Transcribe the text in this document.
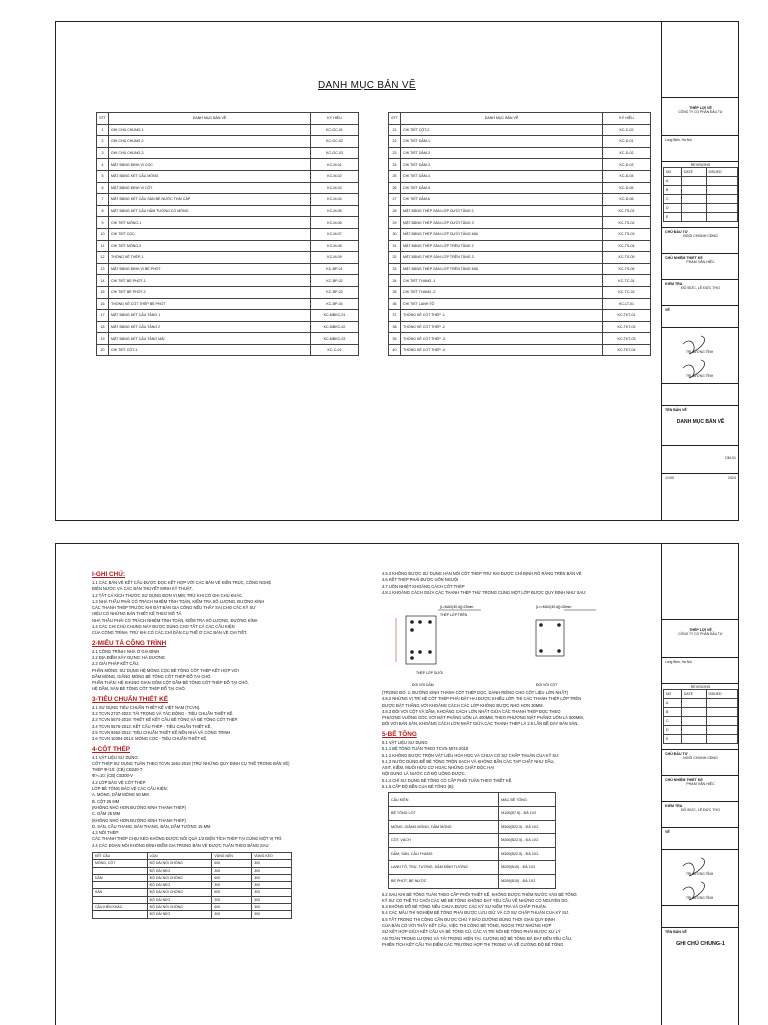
DANH MỤC BẢN VẼ
STT	DANH MỤC BẢN VẼ	KÝ HIỆU
1	GHI CHÚ CHUNG-1	KC-GC-01
2	GHI CHÚ CHUNG-2	KC-GC-02
3	GHI CHÚ CHUNG-3	KC-GC-03
4	MẶT BẰNG ĐỊNH VỊ CỌC	KC-M-01
5	MẶT BẰNG KẾT CẤU MÓNG	KC-M-02
6	MẶT BẰNG ĐỊNH VỊ CỘT	KC-M-03
7	MẶT BẰNG KẾT CẤU SÀN BỂ NƯỚC THẢI CẤP	KC-M-04
8	MẶT BẰNG KẾT CẤU HẦM TƯỜNG CỔ MÓNG	KC-M-05
9	CHI TIẾT MÓNG-1	KC-M-06
10	CHI TIẾT CỌC	KC-M-07
11	CHI TIẾT MÓNG-2	KC-M-08
12	THỐNG KÊ THÉP-1	KC-M-09
13	MẶT BẰNG ĐỊNH VỊ BỂ PHỐT	KC-BP-01
14	CHI TIẾT BỂ PHỐT-1	KC-BP-02
15	CHI TIẾT BỂ PHỐT-2	KC-BP-03
16	THỐNG KÊ CỐT THÉP BỂ PHỐT	KC-BP-04
17	MẶT BẰNG KẾT CẤU TẦNG 1	KC-MBKC-01
18	MẶT BẰNG KẾT CẤU TẦNG 2	KC-MBKC-02
19	MẶT BẰNG KẾT CẤU TẦNG MÁI	KC-MBKC-03
20	CHI TIẾT CỘT-1	KC-C-01
STT	DANH MỤC BẢN VẼ	KÝ HIỆU
21	CHI TIẾT CỘT-2	KC-C-02
22	CHI TIẾT DẦM-1	KC-D-01
23	CHI TIẾT DẦM-2	KC-D-02
24	CHI TIẾT DẦM-3	KC-D-03
25	CHI TIẾT DẦM-4	KC-D-04
26	CHI TIẾT DẦM-5	KC-D-05
27	CHI TIẾT DẦM-6	KC-D-06
28	MẶT BẰNG THÉP SÀN LỚP DƯỚI TẦNG 2	KC-TS-01
29	MẶT BẰNG THÉP SÀN LỚP DƯỚI TẦNG 3	KC-TS-02
30	MẶT BẰNG THÉP SÀN LỚP DƯỚI TẦNG MÁI	KC-TS-03
31	MẶT BẰNG THÉP SÀN LỚP TRÊN TẦNG 2	KC-TS-04
32	MẶT BẰNG THÉP SÀN LỚP TRÊN TẦNG 3	KC-TS-05
33	MẶT BẰNG THÉP SÀN LỚP TRÊN TẦNG MÁI	KC-TS-06
34	CHI TIẾT THANG -1	KC-TC-01
35	CHI TIẾT THANG -2	KC-TC-02
36	CHI TIẾT LANH TÔ	KC-LT-01
37	THỐNG KÊ CỐT THÉP -1	KC-TKT-01
38	THỐNG KÊ CỐT THÉP -2	KC-TKT-02
39	THỐNG KÊ CỐT THÉP -3	KC-TKT-03
40	THỐNG KÊ CỐT THÉP -4	KC-TKT-04
THÉP LỢI VỆ
CÔNG TY CỔ PHẦN ĐẦU TƯ
Long Biên, Hà Nội
REVISIONS
NO	DATE	ISSUED
A		
B		
C		
D		
E		
CHỦ ĐẦU TƯ
NGÔI CHÚNH CĐNG
CHỦ NHIỆM THIẾT KẾ
PHẠM VĂN HIỆC
KIỂM TRA
ĐỖ ĐỨC, LÊ ĐỨC THỌ
VẼ
TRỊ LƯƠNG TĨNH
TRỊ LƯƠNG TĨNH
TÊN BẢN VẼ
DANH MỤC BẢN VẼ
DM-01
1/100	2024
I-GHI CHÚ:

1.1 CÁC BẢN VẼ KẾT CẤU ĐƯỢC ĐỌC KẾT HỢP VỚI CÁC BẢN VẼ KIẾN TRÚC, CÔNG NGHỆ

ĐIỆN NƯỚC VÀ CÁC BẢN THUYẾT MINH KỸ THUẬT.

1.2 TẤT CẢ KÍCH THƯỚC SỬ DỤNG ĐƠN VỊ MM, TRỪ KHI CÓ GHI CHÚ KHÁC.

1.3 NHÀ THẦU PHẢI CÓ TRÁCH NHIỆM TÍNH TOÁN, KIỂM TRA SỐ LƯỢNG, ĐƯỜNG KÍNH

CÁC THANH THÉP TRƯỚC KHI ĐẶT BẢN GIA CÔNG NẾU THẤY SAI CHO CÁC KỸ SƯ

HIỆU CÓ NHỮNG BẢN THIẾT KẾ THEO MÔ TẢ.

NHÀ THẦU PHẢI CÓ TRÁCH NHIỆM TÍNH TOÁN, KIỂM TRA SỐ LƯỢNG, ĐƯỜNG KÍNH

1.4 CÁC CHI CHÚ CHUNG NÀY ĐƯỢC DÙNG CHO TẤT CẢ CÁC CẤU KIỆN

CỦA CÔNG TRÌNH, TRỪ KHI CÓ CÁC CHỈ DẪN CỤ THỂ Ở CÁC BẢN VẼ CHI TIẾT.

2-MIÊU TẢ CÔNG TRÌNH

2.1 CÔNG TRÌNH: NHÀ Ở GIA ĐÌNH

2.2 ĐỊA ĐIỂM XÂY DỰNG: HÀ DƯƠNG

2.3 GIẢI PHÁP KẾT CẤU:

PHẦN MÓNG: SỬ DỤNG HỆ MÓNG CỌC BÊ TÔNG CỐT THÉP KẾT HỢP VỚI

DẦM MÓNG, GIẰNG MÓNG BÊ TÔNG CỐT THÉP ĐỔ TẠI CHỖ.

PHẦN THÂN: HỆ KHUNG GIAN GỒM CỘT DẦM BÊ TÔNG CỐT THÉP ĐỔ TẠI CHỖ,

HỆ DẦM, SÀN BÊ TÔNG CỐT THÉP ĐỔ TẠI CHỖ.

3-TIÊU CHUẨN THIẾT KẾ

3.1 SỬ DỤNG TIÊU CHUẨN THIẾT KẾ VIỆT NAM (TCVN).

3.2 TCVN 2737-2023: TẢI TRỌNG VÀ TÁC ĐỘNG - TIÊU CHUẨN THIẾT KẾ.

3.3 TCVN 5574-2018: THIẾT KẾ KẾT CẤU BÊ TÔNG VÀ BÊ TÔNG CỐT THÉP.

3.4 TCVN 5575-2012: KẾT CẤU THÉP - TIÊU CHUẨN THIẾT KẾ.

3.5 TCVN 9362-2012: TIÊU CHUẨN THIẾT KẾ NỀN NHÀ VÀ CÔNG TRÌNH.

3.6 TCVN 10304-2014: MÓNG CỌC - TIÊU CHUẨN THIẾT KẾ.

4-CỐT THÉP

4.1 VẬT LIỆU SỬ DỤNG:

CỐT THÉP SỬ DỤNG TUÂN THEO TCVN 1651-2018 (TRỪ NHỮNG QUY ĐỊNH CỤ THỂ TRONG BẢN VẼ)

THÉP Φ<10: (CB) CB240-T

Φ>=10: (CB) CB300-V

4.2 LỚP BẢO VỆ CỐT THÉP:

LỚP BÊ TÔNG BẢO VỆ CÁC CẤU KIỆN:

A. MÓNG, DẦM MÓNG 50 MM

B. CỘT 25 MM

(KHÔNG NHỎ HƠN ĐƯỜNG KÍNH THANH THÉP)

C. DẦM 25 MM

(KHÔNG NHỎ HƠN ĐƯỜNG KÍNH THANH THÉP)

D. SÀN, CẦU THANG, BẢN THANG, BẢN, DẦM TƯỜNG 15 MM

4.3 NỐI THÉP:

CÁC THANH THÉP CHỊU KÉO KHÔNG ĐƯỢC NỐI QUÁ 1/2 DIỆN TÍCH THÉP TẠI CÙNG MỘT VỊ TRÍ.

4.4 CÁC ĐOẠN NỐI KHÔNG ĐÍNH ĐIỂM GIA TRONG BẢN VẼ ĐƯỢC TUÂN THEO BẢNG SAU:

KẾT CẤU	LOẠI	VÙNG NÉN	VÙNG KÉO
MÓNG, CỘT	ĐỘ DÀI NỐI CHỒNG	600	300
	ĐỘ DÀI NEO	300	300
DẦM	ĐỘ DÀI NỐI CHỒNG	600	300
	ĐỘ DÀI NEO	300	300
SÀN	ĐỘ DÀI NỐI CHỒNG	600	300
	ĐỘ DÀI NEO	300	300
CẤU KIỆN KHÁC	ĐỘ DÀI NỐI CHỒNG	600	300
	ĐỘ DÀI NEO	300	300

4.5.3 KHÔNG ĐƯỢC SỬ DỤNG HÀN NỐI CỐT THÉP TRỪ KHI ĐƯỢC CHỈ ĐỊNH RÕ RÀNG TRÊN BẢN VẼ

4.6 KẾT THÉP PHẢI ĐƯỢC UỐN NGUỘI

4.7 UỐN NHIỆT KHOẢNG CÁCH CỐT THÉP

4.8.1 KHOẢNG CÁCH GIỮA CÁC THANH THÉP THỨ TRONG CÙNG MỘT LỚP ĐƯỢC QUY ĐỊNH NHƯ SAU:

[L=MAX(30,d)]=25mm	[L>=MAX(30,d)]=30mm
THÉP LỚP TRÊN
THÉP LỚP DƯỚI
ĐỐI VỚI DẦM	ĐỐI VỚI CỘT

(TRONG ĐÓ: 1: ĐƯỜNG KÍNH THANH CỐT THÉP DỌC, DÀNH RIÊNG CHO CỐT LIỆU LỚN NHẤT)

4.8.2 NHỮNG VỊ TRÍ HỆ CỐT THÉP PHẢI ĐẶT HAI ĐƯỢC KHIẾU LỚP, THÌ CÁC THANH THÉP LỚP TRÊN

ĐƯỢC ĐẶT THẲNG VỚI KHOẢNG CÁCH CÁC LỚP KHÔNG ĐƯỢC NHỎ HƠN 30MM.

4.8.3 ĐỐI VỚI CỘT VÀ DẦM, KHOẢNG CÁCH LỚN NHẤT GIỮA CÁC THANH THÉP ĐỌC THEO

PHƯƠNG VUÔNG GÓC VỚI MẶT PHẲNG UỐN LÀ 400MM, THEO PHƯƠNG MẶT PHẲNG UỐN LÀ 500MM,

ĐỐI VỚI BẢN SÀN, KHOẢNG CÁCH LỚN NHẤT GIỮA CÁC THANH THÉP LÀ 2.5 LẦN BỀ DÀY BẢN SÀN.

5-BÊ TÔNG

5.1 VẬT LIỆU SỬ DỤNG

5.1.1 BÊ TÔNG TUÂN THEO TCVN 5574-2018

5.1.2 KHÔNG ĐƯỢC TRỘN VẬT LIỆU HÓA HỌC VÀ CHƯA CÓ SỰ CHẤP THUẬN CỦA KỸ SƯ

5.1.3 NƯỚC DÙNG ĐỂ BÊ TÔNG TRỘN SẠCH VÀ KHÔNG BẨN CÁC TẠP CHẤT NHƯ DẦU,

AXIT, KIỀM, MUỐI HỮU CƠ HOẶC NHỮNG CHẤT ĐỘC HẠI

NỘI DUNG LÀ NƯỚC CÓ ĐỘ UỐNG ĐƯỢC.

5.1.4 CHỈ SỬ DỤNG BÊ TÔNG CÓ CẤP PHỐI TUÂN THEO THIẾT KẾ.

5.1.5 CẤP ĐỘ BỀN CỦA BÊ TÔNG (B):

CẤU KIỆN	MÁC BÊ TÔNG
BÊ TÔNG LÓT	M100(B7.5) - ĐÁ 1X2
MÓNG, GIẰNG MÓNG, DẦM MÓNG	M300(B22.5) - ĐÁ 1X2
CỘT, VÁCH	M300(B22.5) - ĐÁ 1X2
DẦM, SÀN, CẦU THANG	M300(B22.5) - ĐÁ 1X2
LANH TÔ, TRỤ, TƯỜNG, DẦM ĐỈNH TƯỜNG	M200(B15) - ĐÁ 1X2
BỂ PHỐT, BỂ NƯỚC	M200(B15) - ĐÁ 1X2

5.2 SAU KHI BÊ TÔNG TUÂN THEO CẤP PHỐI THIẾT KẾ, KHÔNG ĐƯỢC THÊM NƯỚC VÀO BÊ TÔNG

KỸ SƯ CÓ THỂ TỪ CHỐI CÁC MẺ BÊ TÔNG KHÔNG ĐẠT YÊU CẦU VỀ NHỮNG CÓ NGUYÊN DO.

5.3 KHÔNG ĐỔ BÊ TÔNG NẾU CHƯA ĐƯỢC CÁC KỸ SƯ KIỂM TRA VÀ CHẤP THUẬN.

5.4 CÁC MẪU THÍ NGHIỆM BÊ TÔNG PHẢI ĐƯỢC LƯU GIỮ VÀ CÓ SỰ CHẤP THUẬN CỦA KỸ SƯ.

5.5 TẤT TRONG THI CÔNG CẦN ĐƯỢC CHÚ Ý BẢO DƯỠNG ĐÚNG THỜI GIAN QUY ĐỊNH

CỦA BẢN CỐ VỚI THẤY KẾT CẤU, VIỆC THI CÔNG BÊ TÔNG, NGOẠI TRỪ NHỮNG HỢP

SỬ KẾT HỢP GIỮA KẾT CẤU VÀ BÊ TÔNG CŨ, CÁC VỊ TRÍ NỐI BÊ TÔNG PHẢI ĐƯỢC XỬ LÝ

AN TOÀN TRONG LƯỢNG VÀ TẢI TRỌNG HIỆN TẠI. CƯỜNG ĐỘ BÊ TÔNG ĐÃ ĐẠT ĐẾN YÊU CẦU.

PHIẾN TÍCH KẾT CẤU THI ĐIỂM CÁC TRƯỜNG HỢP THI TRONG VÀ VỀ CƯỜNG ĐỘ BÊ TÔNG

THÉP LỢI VỆ
CÔNG TY CỔ PHẦN ĐẦU TƯ
Long Biên, Hà Nội
REVISIONS
NO	DATE	ISSUED
A		
B		
C		
D		
E		
CHỦ ĐẦU TƯ
NGÔI CHÚNH CĐNG
CHỦ NHIỆM THIẾT KẾ
PHẠM VĂN HIỆC
KIỂM TRA
ĐỖ ĐỨC, LÊ ĐỨC THỌ
VẼ
TRỊ LƯƠNG TĨNH
TRỊ LƯƠNG TĨNH
TÊN BẢN VẼ
GHI CHÚ CHUNG-1
